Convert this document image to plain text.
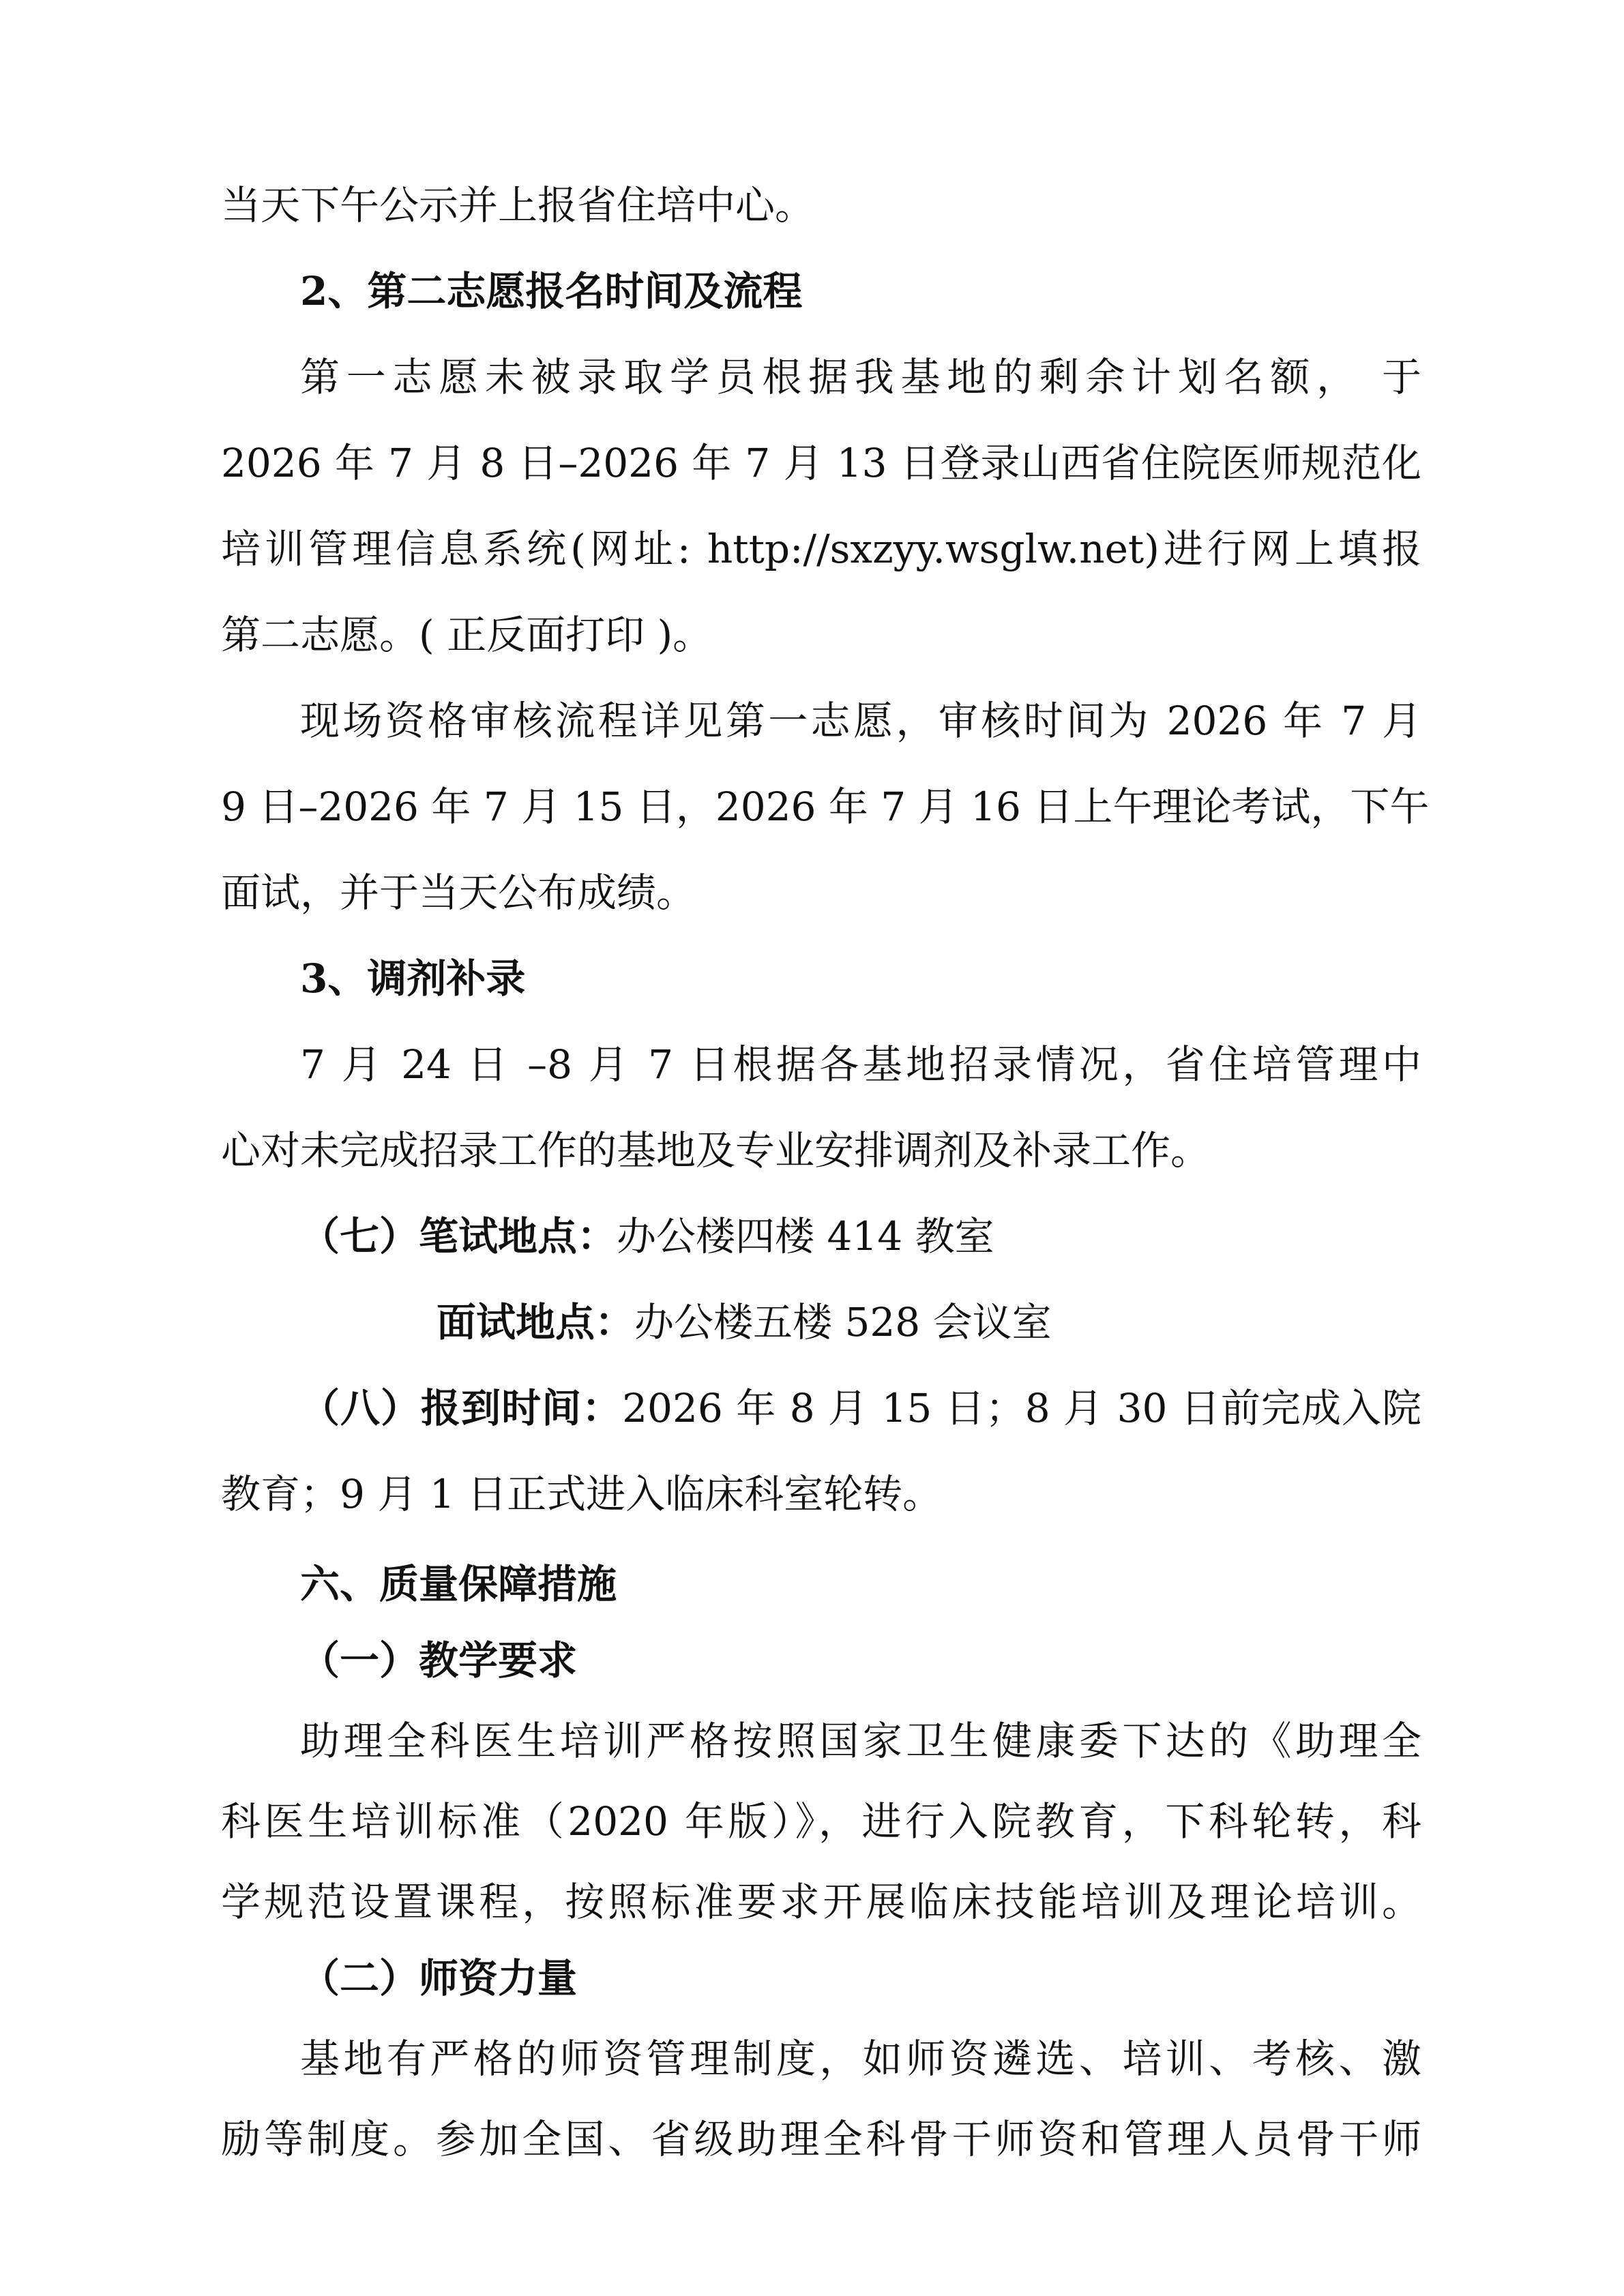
当天下午公示并上报省住培中心。
2、第二志愿报名时间及流程
第一志愿未被录取学员根据我基地的剩余计划名额， 于
2026 年 7 月 8 日–2026 年 7 月 13 日登录山西省住院医师规范化
培训管理信息系统(网址: http://sxzyy.wsglw.net)进行网上填报
第二志愿。( 正反面打印 )。
现场资格审核流程详见第一志愿，审核时间为 2026 年 7 月
9 日–2026 年 7 月 15 日，2026 年 7 月 16 日上午理论考试，下午
面试，并于当天公布成绩。
3、调剂补录
7 月 24 日 –8 月 7 日根据各基地招录情况，省住培管理中
心对未完成招录工作的基地及专业安排调剂及补录工作。
（七）笔试地点：办公楼四楼 414 教室
面试地点：办公楼五楼 528 会议室
（八）报到时间：2026 年 8 月 15 日；8 月 30 日前完成入院
教育；9 月 1 日正式进入临床科室轮转。
六、质量保障措施
（一）教学要求
助理全科医生培训严格按照国家卫生健康委下达的《助理全
科医生培训标准（2020 年版）》，进行入院教育，下科轮转，科
学规范设置课程，按照标准要求开展临床技能培训及理论培训。
（二）师资力量
基地有严格的师资管理制度，如师资遴选、培训、考核、激
励等制度。参加全国、省级助理全科骨干师资和管理人员骨干师
